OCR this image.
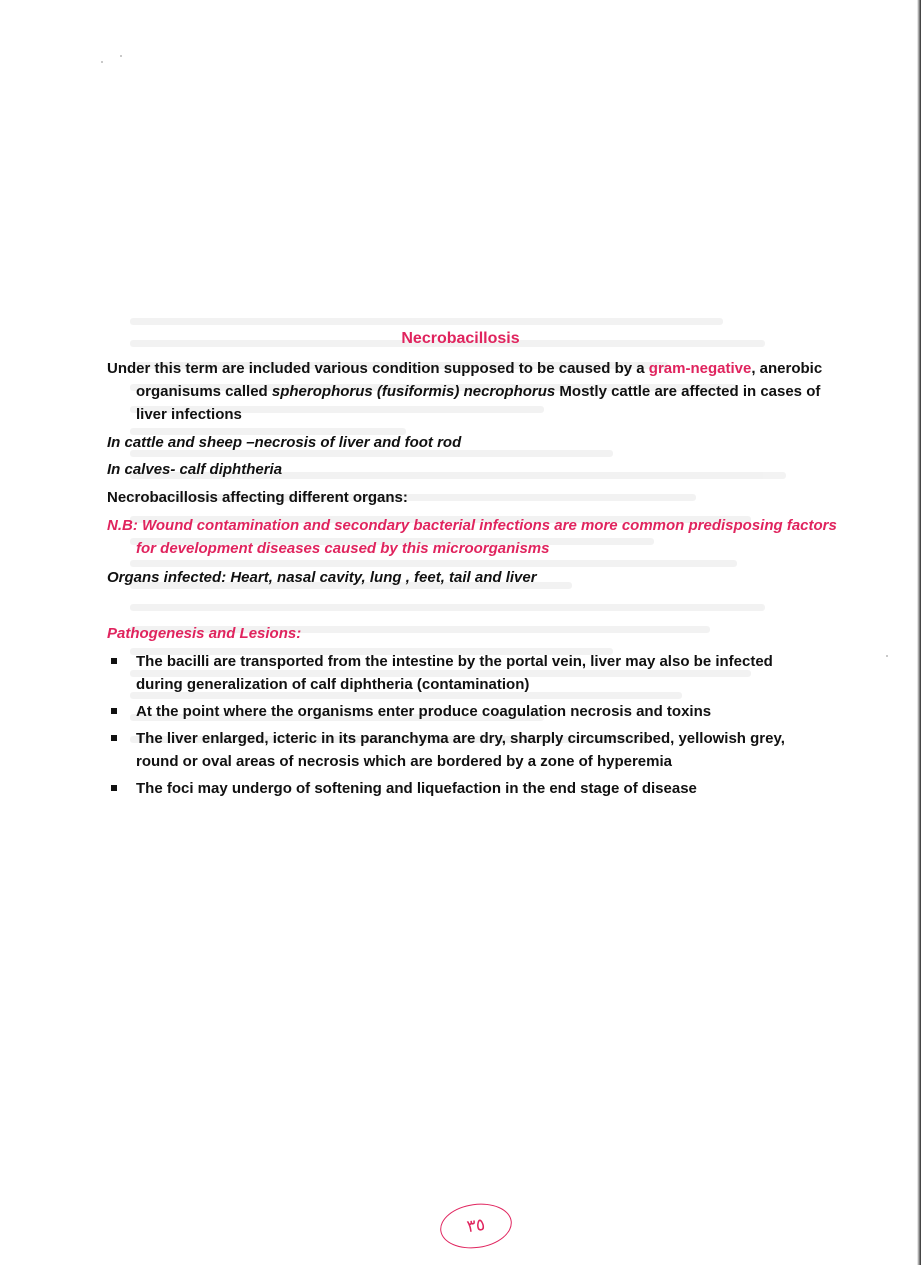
Necrobacillosis
Under this term are included various condition supposed to be caused by a gram-negative, anerobic organisums called spherophorus (fusiformis) necrophorus Mostly cattle are affected in cases of liver infections
In cattle and sheep –necrosis of liver and foot rod
In calves- calf diphtheria
Necrobacillosis affecting different organs:
N.B: Wound contamination and secondary bacterial infections are more common predisposing factors for development diseases caused by this microorganisms
Organs infected: Heart, nasal cavity, lung , feet, tail and liver
Pathogenesis and Lesions:
The bacilli are transported from the intestine by the portal vein, liver may also be infected during generalization of calf diphtheria (contamination)
At the point where the organisms enter produce coagulation necrosis and toxins
The liver enlarged, icteric in its paranchyma are dry, sharply circumscribed, yellowish grey, round or oval areas of necrosis which are bordered by a zone of hyperemia
The foci may undergo of softening and liquefaction in the end stage of disease
٣٥
